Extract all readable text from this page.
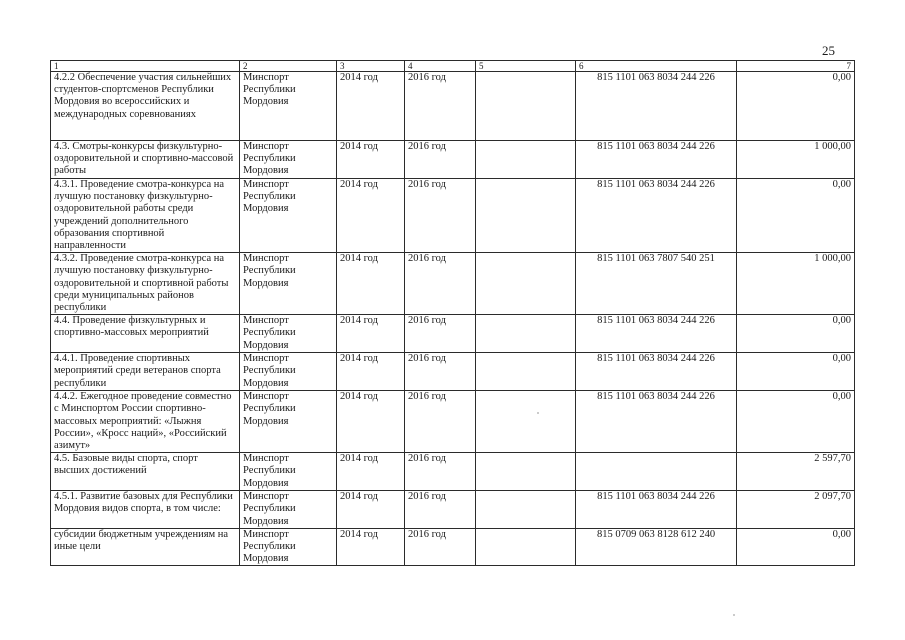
25
1	2	3	4	5	6	7
4.2.2 Обеспечение участия сильнейших студентов-спортсменов Республики Мордовия во всероссийских и международных соревнованиях	Минспорт Республики Мордовия	2014 год	2016 год		815 1101 063 8034 244 226	0,00
4.3. Смотры-конкурсы физкультурно-оздоровительной и спортивно-массовой работы	Минспорт Республики Мордовия	2014 год	2016 год		815 1101 063 8034 244 226	1 000,00
4.3.1. Проведение смотра-конкурса на лучшую постановку физкультурно-оздоровительной работы среди учреждений дополнительного образования спортивной направленности	Минспорт Республики Мордовия	2014 год	2016 год		815 1101 063 8034 244 226	0,00
4.3.2. Проведение смотра-конкурса на лучшую постановку физкультурно-оздоровительной и спортивной работы среди муниципальных районов республики	Минспорт Республики Мордовия	2014 год	2016 год		815 1101 063 7807 540 251	1 000,00
4.4. Проведение физкультурных и спортивно-массовых мероприятий	Минспорт Республики Мордовия	2014 год	2016 год		815 1101 063 8034 244 226	0,00
4.4.1. Проведение спортивных мероприятий среди ветеранов спорта республики	Минспорт Республики Мордовия	2014 год	2016 год		815 1101 063 8034 244 226	0,00
4.4.2. Ежегодное проведение совместно с Минспортом России спортивно-массовых мероприятий: «Лыжня России», «Кросс наций», «Российский азимут»	Минспорт Республики Мордовия	2014 год	2016 год		815 1101 063 8034 244 226	0,00
4.5. Базовые виды спорта, спорт высших достижений	Минспорт Республики Мордовия	2014 год	2016 год			2 597,70
4.5.1. Развитие базовых для Республики Мордовия видов спорта, в том числе:	Минспорт Республики Мордовия	2014 год	2016 год		815 1101 063 8034 244 226	2 097,70
субсидии бюджетным учреждениям на иные цели	Минспорт Республики Мордовия	2014 год	2016 год		815 0709 063 8128 612 240	0,00
